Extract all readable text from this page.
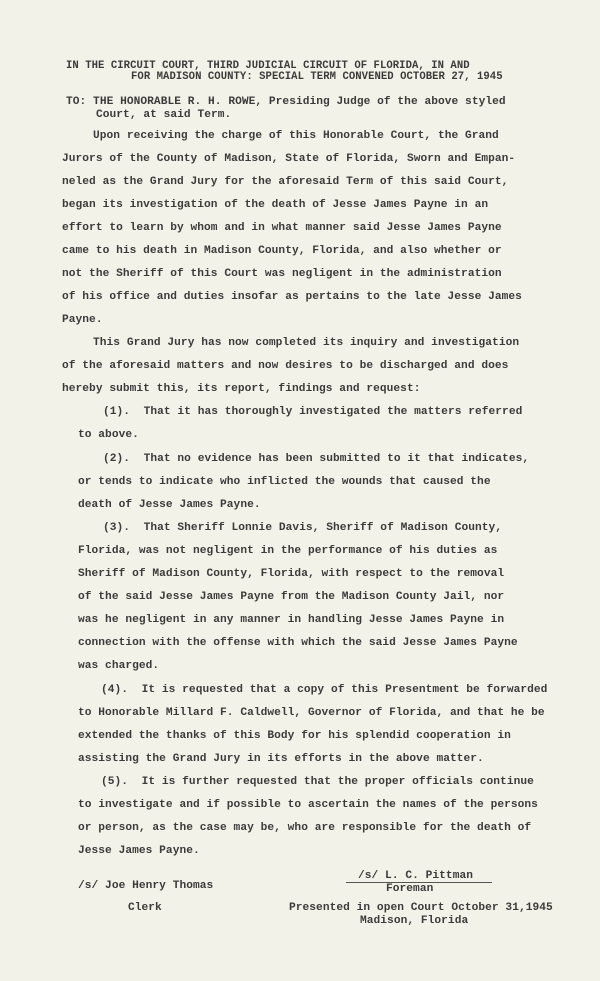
IN THE CIRCUIT COURT, THIRD JUDICIAL CIRCUIT OF FLORIDA, IN AND
FOR MADISON COUNTY: SPECIAL TERM CONVENED OCTOBER 27, 1945
TO: THE HONORABLE R. H. ROWE, Presiding Judge of the above styled
Court, at said Term.
Upon receiving the charge of this Honorable Court, the Grand
Jurors of the County of Madison, State of Florida, Sworn and Empan-
neled as the Grand Jury for the aforesaid Term of this said Court,
began its investigation of the death of Jesse James Payne in an
effort to learn by whom and in what manner said Jesse James Payne
came to his death in Madison County, Florida, and also whether or
not the Sheriff of this Court was negligent in the administration
of his office and duties insofar as pertains to the late Jesse James
Payne.
This Grand Jury has now completed its inquiry and investigation
of the aforesaid matters and now desires to be discharged and does
hereby submit this, its report, findings and request:
(1).  That it has thoroughly investigated the matters referred
to above.
(2).  That no evidence has been submitted to it that indicates,
or tends to indicate who inflicted the wounds that caused the
death of Jesse James Payne.
(3).  That Sheriff Lonnie Davis, Sheriff of Madison County,
Florida, was not negligent in the performance of his duties as
Sheriff of Madison County, Florida, with respect to the removal
of the said Jesse James Payne from the Madison County Jail, nor
was he negligent in any manner in handling Jesse James Payne in
connection with the offense with which the said Jesse James Payne
was charged.
(4).  It is requested that a copy of this Presentment be forwarded
to Honorable Millard F. Caldwell, Governor of Florida, and that he be
extended the thanks of this Body for his splendid cooperation in
assisting the Grand Jury in its efforts in the above matter.
(5).  It is further requested that the proper officials continue
to investigate and if possible to ascertain the names of the persons
or person, as the case may be, who are responsible for the death of
Jesse James Payne.
/s/ L. C. Pittman
Foreman
/s/ Joe Henry Thomas
Clerk	Presented in open Court October 31,1945
Madison, Florida
